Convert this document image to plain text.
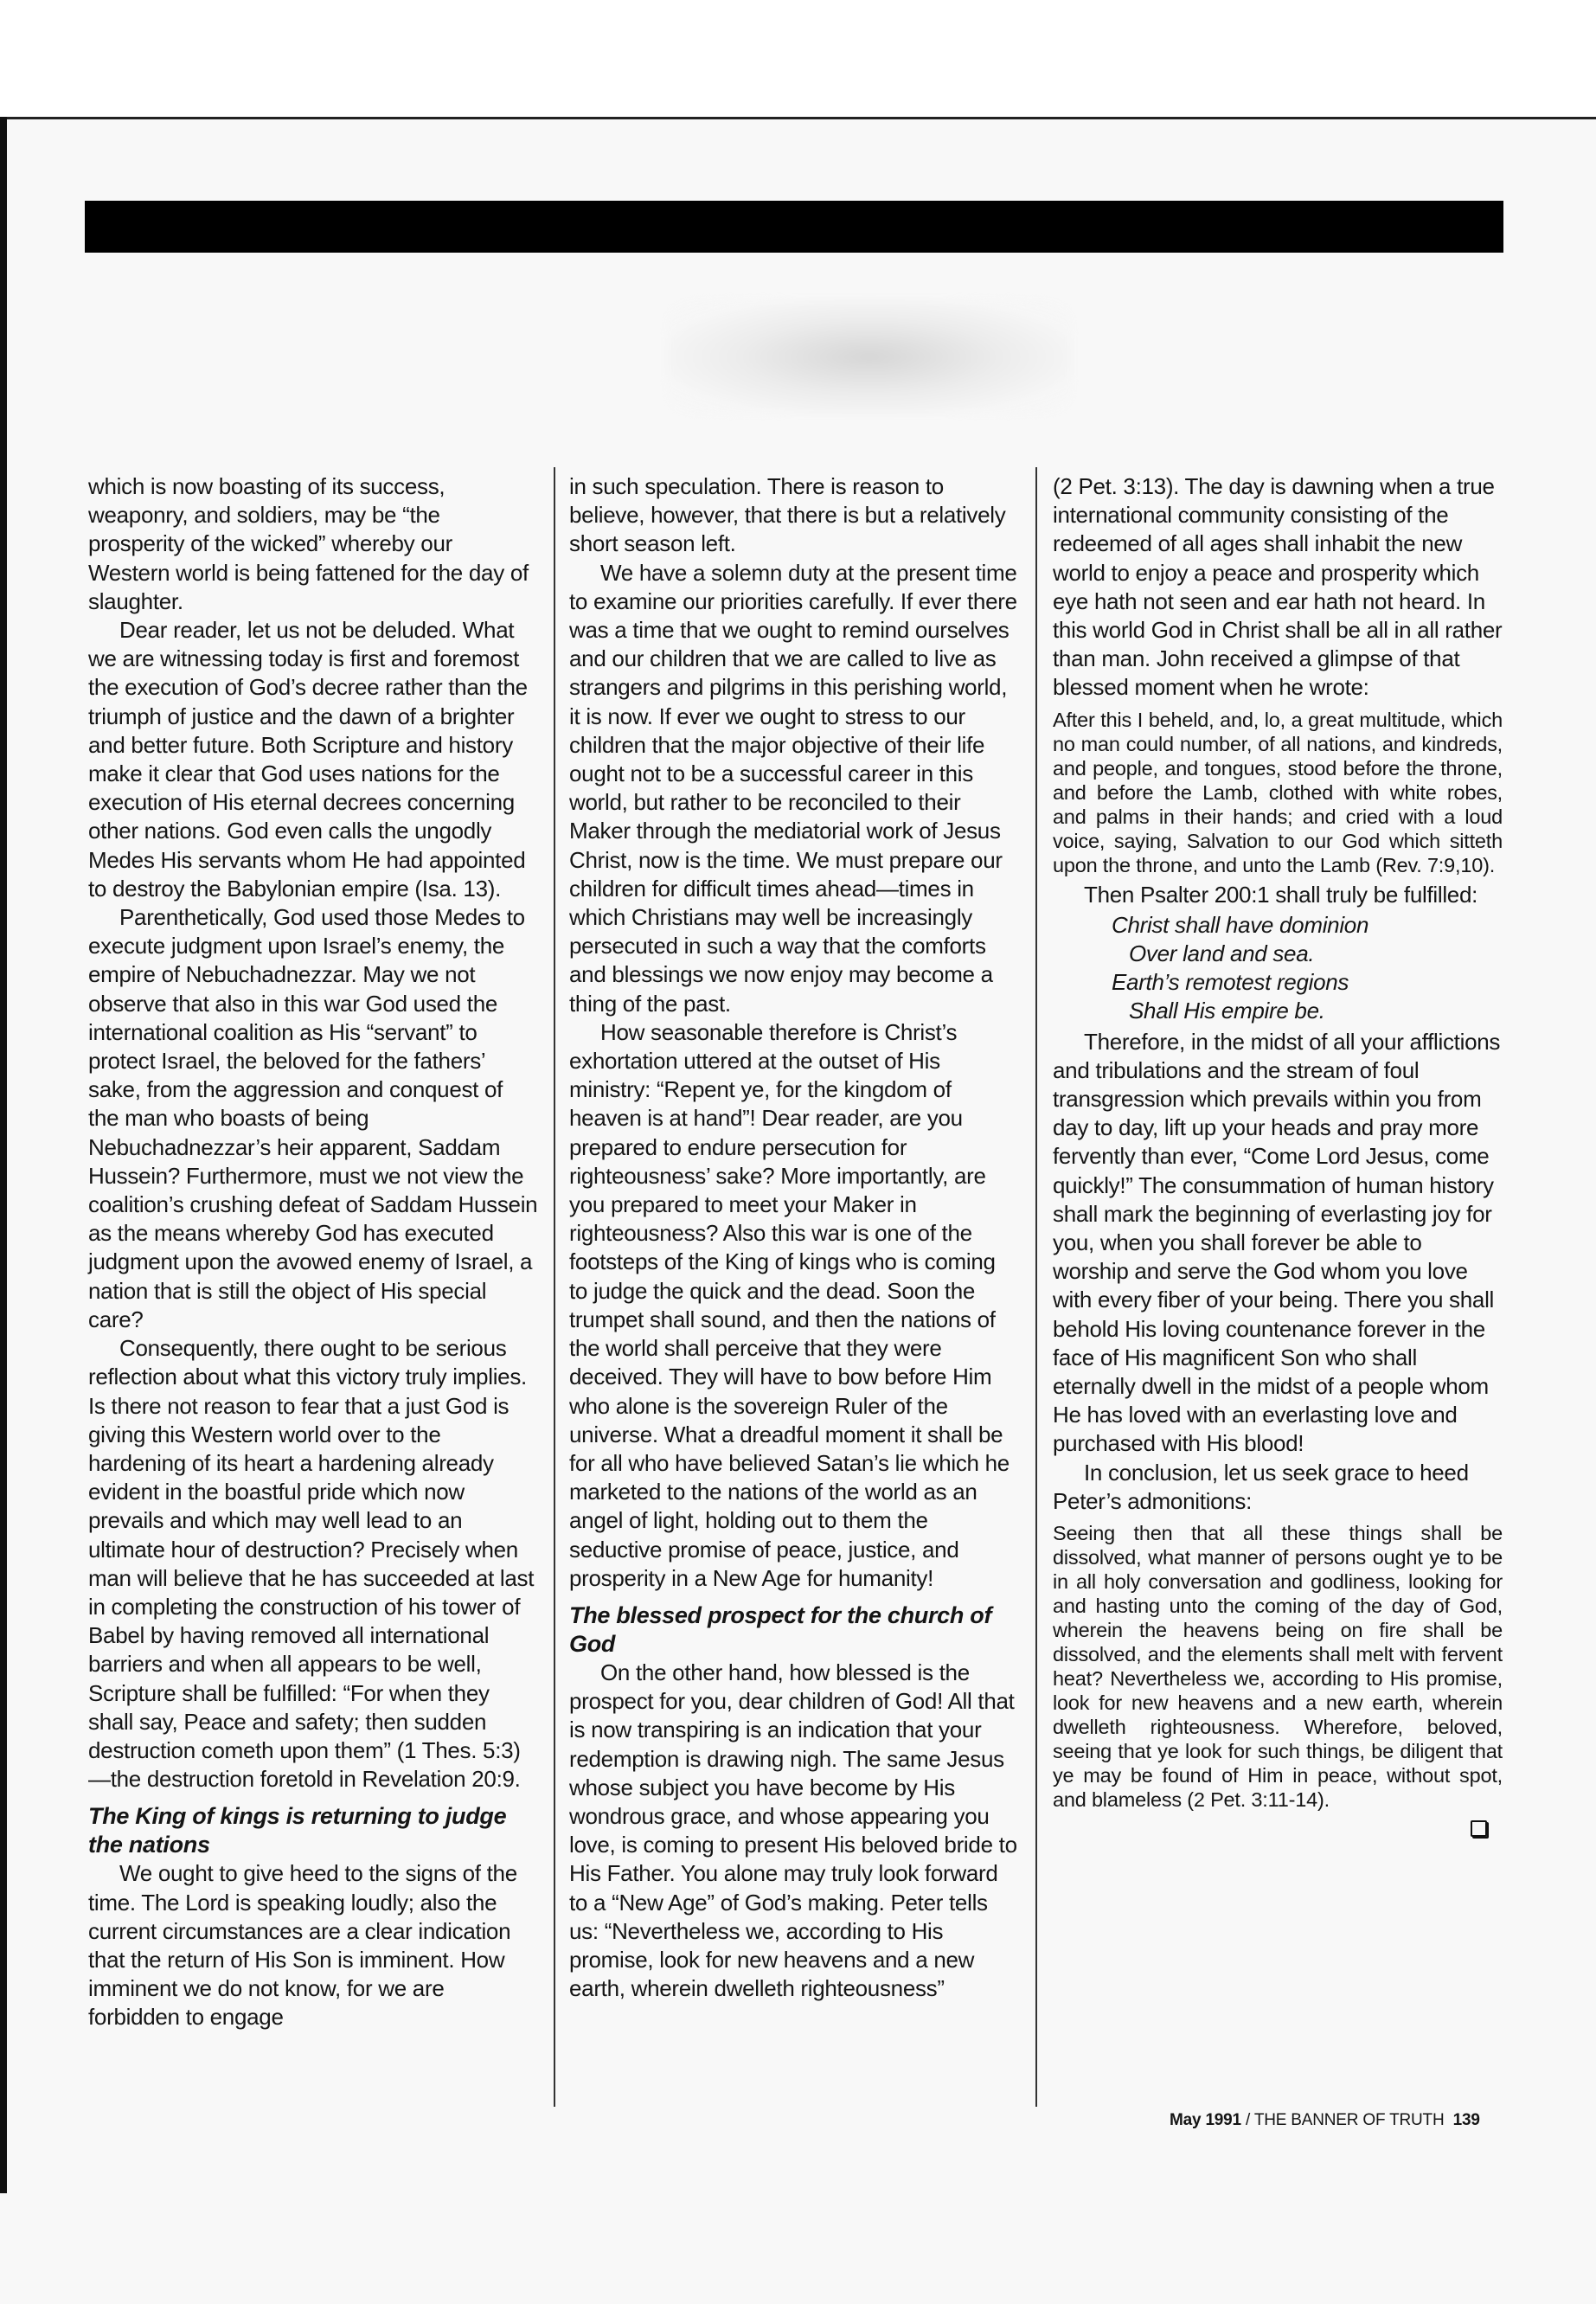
which is now boasting of its success, weaponry, and soldiers, may be “the prosperity of the wicked” whereby our Western world is being fattened for the day of slaughter.

Dear reader, let us not be deluded. What we are witnessing today is first and foremost the execution of God’s decree rather than the triumph of justice and the dawn of a brighter and better future. Both Scripture and history make it clear that God uses nations for the execution of His eternal decrees concerning other nations. God even calls the ungodly Medes His servants whom He had appointed to destroy the Babylonian empire (Isa. 13).

Parenthetically, God used those Medes to execute judgment upon Israel’s enemy, the empire of Nebuchadnezzar. May we not observe that also in this war God used the international coalition as His “servant” to protect Israel, the beloved for the fathers’ sake, from the aggression and conquest of the man who boasts of being Nebuchadnezzar’s heir apparent, Saddam Hussein? Furthermore, must we not view the coalition’s crushing defeat of Saddam Hussein as the means whereby God has executed judgment upon the avowed enemy of Israel, a nation that is still the object of His special care?

Consequently, there ought to be serious reflection about what this victory truly implies. Is there not reason to fear that a just God is giving this Western world over to the hardening of its heart a hardening already evident in the boastful pride which now prevails and which may well lead to an ultimate hour of destruction? Precisely when man will believe that he has succeeded at last in completing the construction of his tower of Babel by having removed all international barriers and when all appears to be well, Scripture shall be fulfilled: “For when they shall say, Peace and safety; then sudden destruction cometh upon them” (1 Thes. 5:3)—the destruction foretold in Revelation 20:9.

The King of kings is returning to judge the nations

We ought to give heed to the signs of the time. The Lord is speaking loudly; also the current circumstances are a clear indication that the return of His Son is imminent. How imminent we do not know, for we are forbidden to engage

in such speculation. There is reason to believe, however, that there is but a relatively short season left.

We have a solemn duty at the present time to examine our priorities carefully. If ever there was a time that we ought to remind ourselves and our children that we are called to live as strangers and pilgrims in this perishing world, it is now. If ever we ought to stress to our children that the major objective of their life ought not to be a successful career in this world, but rather to be reconciled to their Maker through the mediatorial work of Jesus Christ, now is the time. We must prepare our children for difficult times ahead—times in which Christians may well be increasingly persecuted in such a way that the comforts and blessings we now enjoy may become a thing of the past.

How seasonable therefore is Christ’s exhortation uttered at the outset of His ministry: “Repent ye, for the kingdom of heaven is at hand”! Dear reader, are you prepared to endure persecution for righteousness’ sake? More importantly, are you prepared to meet your Maker in righteousness? Also this war is one of the footsteps of the King of kings who is coming to judge the quick and the dead. Soon the trumpet shall sound, and then the nations of the world shall perceive that they were deceived. They will have to bow before Him who alone is the sovereign Ruler of the universe. What a dreadful moment it shall be for all who have believed Satan’s lie which he marketed to the nations of the world as an angel of light, holding out to them the seductive promise of peace, justice, and prosperity in a New Age for humanity!

The blessed prospect for the church of God

On the other hand, how blessed is the prospect for you, dear children of God! All that is now transpiring is an indication that your redemption is drawing nigh. The same Jesus whose subject you have become by His wondrous grace, and whose appearing you love, is coming to present His beloved bride to His Father. You alone may truly look forward to a “New Age” of God’s making. Peter tells us: “Nevertheless we, according to His promise, look for new heavens and a new earth, wherein dwelleth righteousness”

(2 Pet. 3:13). The day is dawning when a true international community consisting of the redeemed of all ages shall inhabit the new world to enjoy a peace and prosperity which eye hath not seen and ear hath not heard. In this world God in Christ shall be all in all rather than man. John received a glimpse of that blessed moment when he wrote:

After this I beheld, and, lo, a great multitude, which no man could number, of all nations, and kindreds, and people, and tongues, stood before the throne, and before the Lamb, clothed with white robes, and palms in their hands; and cried with a loud voice, saying, Salvation to our God which sitteth upon the throne, and unto the Lamb (Rev. 7:9,10).

Then Psalter 200:1 shall truly be fulfilled:

Christ shall have dominion
Over land and sea.
Earth’s remotest regions
Shall His empire be.

Therefore, in the midst of all your afflictions and tribulations and the stream of foul transgression which prevails within you from day to day, lift up your heads and pray more fervently than ever, “Come Lord Jesus, come quickly!” The consummation of human history shall mark the beginning of everlasting joy for you, when you shall forever be able to worship and serve the God whom you love with every fiber of your being. There you shall behold His loving countenance forever in the face of His magnificent Son who shall eternally dwell in the midst of a people whom He has loved with an everlasting love and purchased with His blood!

In conclusion, let us seek grace to heed Peter’s admonitions:

Seeing then that all these things shall be dissolved, what manner of persons ought ye to be in all holy conversation and godliness, looking for and hasting unto the coming of the day of God, wherein the heavens being on fire shall be dissolved, and the elements shall melt with fervent heat? Nevertheless we, according to His promise, look for new heavens and a new earth, wherein dwelleth righteousness. Wherefore, beloved, seeing that ye look for such things, be diligent that ye may be found of Him in peace, without spot, and blameless (2 Pet. 3:11-14).
May 1991 / THE BANNER OF TRUTH 139
